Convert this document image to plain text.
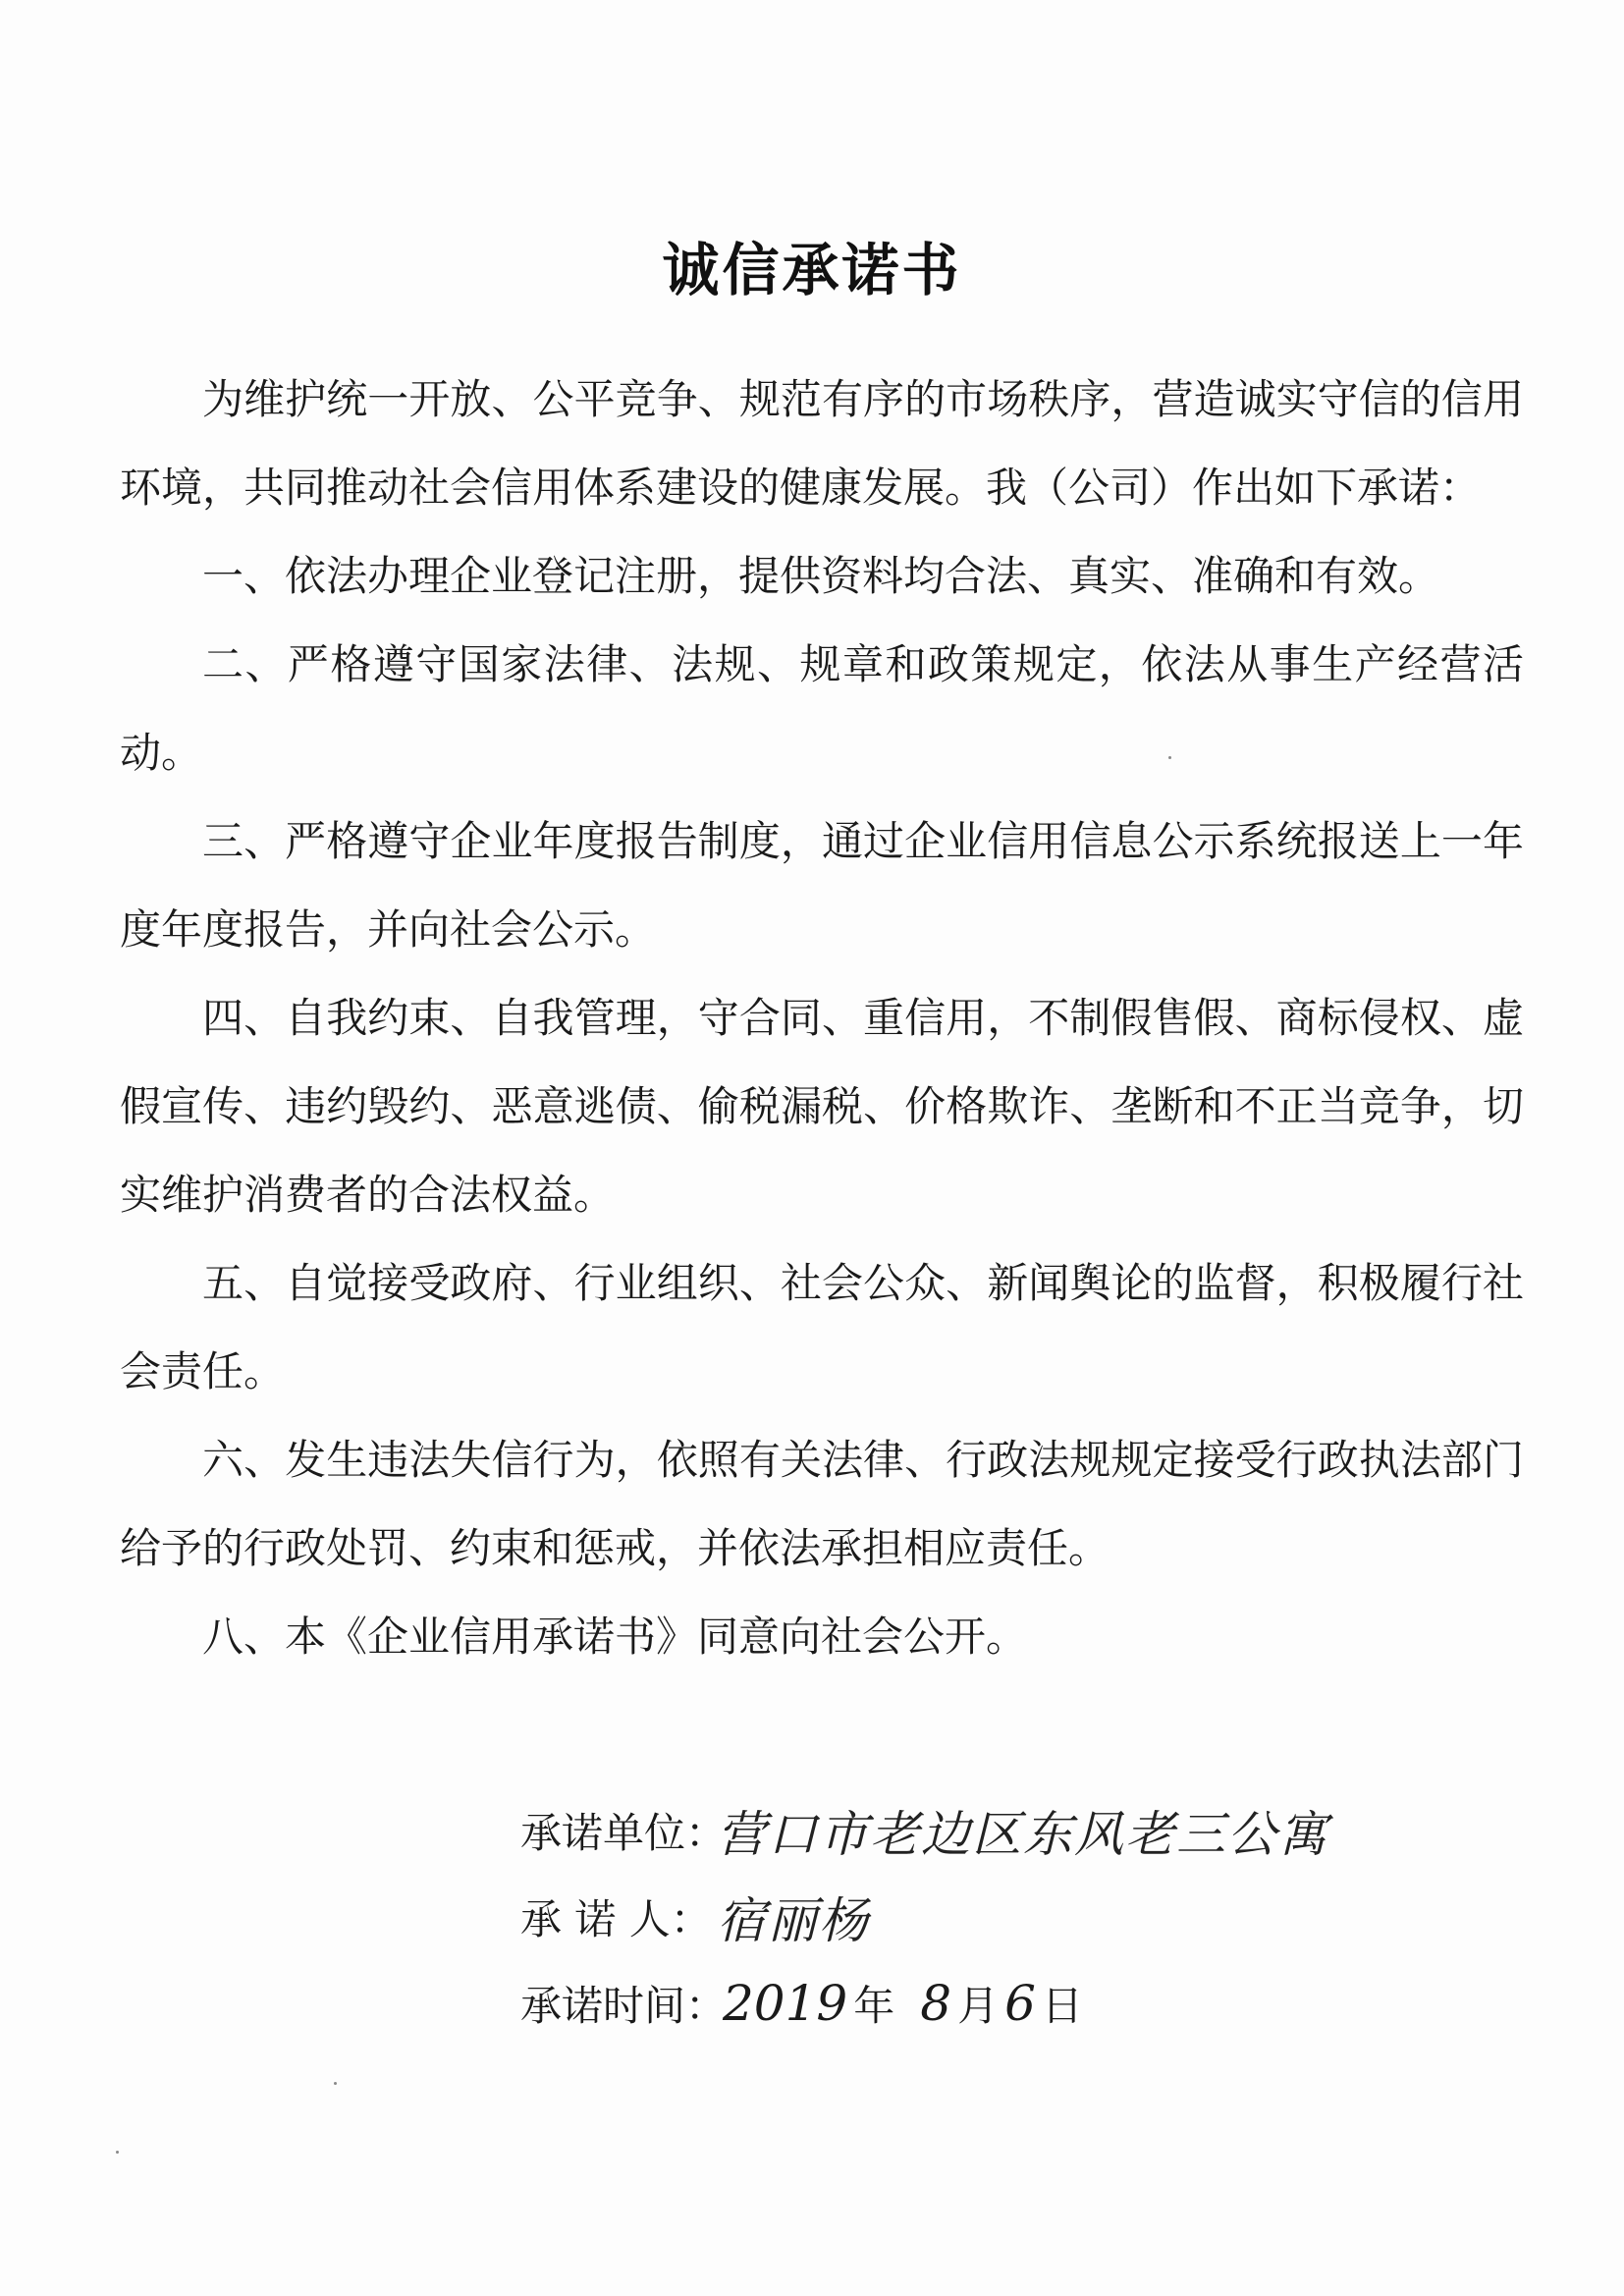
诚信承诺书

为维护统一开放、公平竞争、规范有序的市场秩序，营造诚实守信的信用环境，共同推动社会信用体系建设的健康发展。我（公司）作出如下承诺：

一、依法办理企业登记注册，提供资料均合法、真实、准确和有效。

二、严格遵守国家法律、法规、规章和政策规定，依法从事生产经营活动。

三、严格遵守企业年度报告制度，通过企业信用信息公示系统报送上一年度年度报告，并向社会公示。

四、自我约束、自我管理，守合同、重信用，不制假售假、商标侵权、虚假宣传、违约毁约、恶意逃债、偷税漏税、价格欺诈、垄断和不正当竞争，切实维护消费者的合法权益。

五、自觉接受政府、行业组织、社会公众、新闻舆论的监督，积极履行社会责任。

六、发生违法失信行为，依照有关法律、行政法规规定接受行政执法部门给予的行政处罚、约束和惩戒，并依法承担相应责任。

八、本《企业信用承诺书》同意向社会公开。

承诺单位：
营口市老边区东风老三公寓
承 诺 人： 宿丽杨
承诺时间：
2019 年 8 月 6 日
